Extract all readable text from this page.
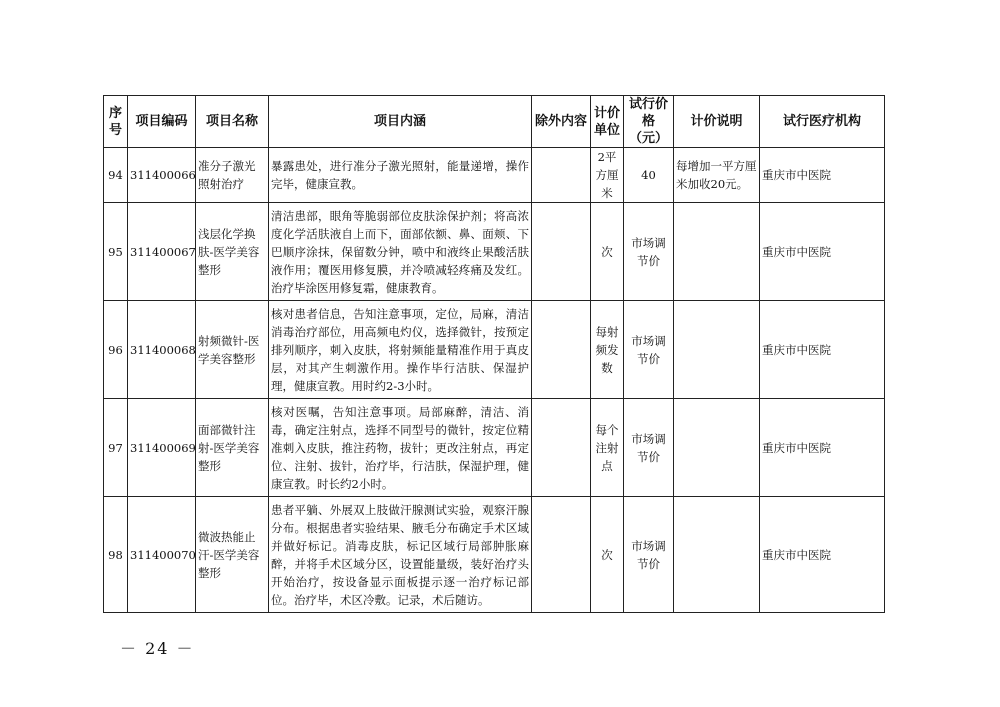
序号	项目编码	项目名称	项目内涵	除外内容	计价单位	试行价格（元）	计价说明	试行医疗机构
94	311400066	准分子激光照射治疗	暴露患处，进行准分子激光照射，能量递增，操作完毕，健康宣教。		2平方厘米	40	每增加一平方厘米加收20元。	重庆市中医院
95	311400067	浅层化学换肤-医学美容整形	清洁患部，眼角等脆弱部位皮肤涂保护剂；将高浓度化学活肤液自上而下，面部依额、鼻、面颊、下巴顺序涂抹，保留数分钟，喷中和液终止果酸活肤液作用；覆医用修复膜，并冷喷减轻疼痛及发红。治疗毕涂医用修复霜，健康教育。		次	市场调节价		重庆市中医院
96	311400068	射频微针-医学美容整形	核对患者信息，告知注意事项，定位，局麻，清洁消毒治疗部位，用高频电灼仪，选择微针，按预定排列顺序，刺入皮肤，将射频能量精准作用于真皮层，对其产生刺激作用。操作毕行洁肤、保湿护理，健康宣教。用时约2-3小时。		每射频发数	市场调节价		重庆市中医院
97	311400069	面部微针注射-医学美容整形	核对医嘱，告知注意事项。局部麻醉，清洁、消毒，确定注射点，选择不同型号的微针，按定位精准刺入皮肤，推注药物，拔针；更改注射点，再定位、注射、拔针，治疗毕，行洁肤，保湿护理，健康宣教。时长约2小时。		每个注射点	市场调节价		重庆市中医院
98	311400070	微波热能止汗-医学美容整形	患者平躺、外展双上肢做汗腺测试实验，观察汗腺分布。根据患者实验结果、腋毛分布确定手术区域并做好标记。消毒皮肤，标记区域行局部肿胀麻醉，并将手术区域分区，设置能量级，装好治疗头开始治疗，按设备显示面板提示逐一治疗标记部位。治疗毕，术区冷敷。记录，术后随访。		次	市场调节价		重庆市中医院
－ 24 －
